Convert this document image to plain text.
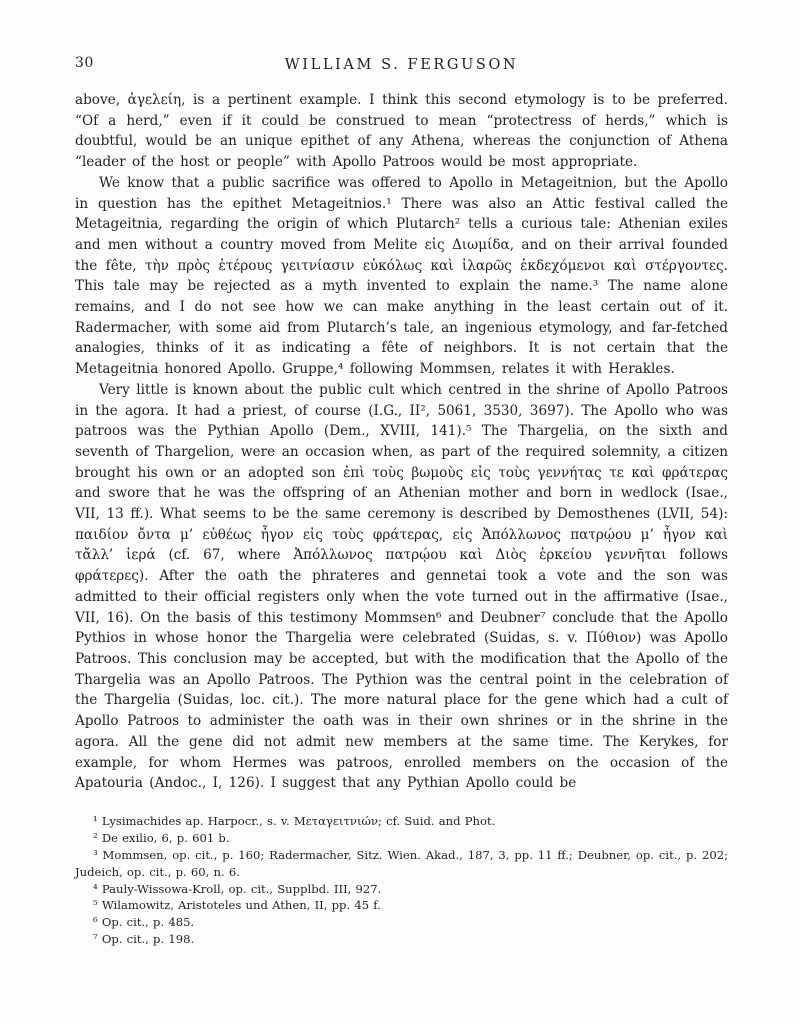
30	WILLIAM S. FERGUSON

above, ἀγελείη, is a pertinent example. I think this second etymology is to be preferred. “Of a herd,” even if it could be construed to mean “protectress of herds,” which is doubtful, would be an unique epithet of any Athena, whereas the conjunction of Athena “leader of the host or people” with Apollo Patroos would be most appropriate.

We know that a public sacrifice was offered to Apollo in Metageitnion, but the Apollo in question has the epithet Metageitnios.¹ There was also an Attic festival called the Metageitnia, regarding the origin of which Plutarch² tells a curious tale: Athenian exiles and men without a country moved from Melite εἰς Διωμίδα, and on their arrival founded the fête, τὴν πρὸς ἑτέρους γειτνίασιν εὐκόλως καὶ ἱλαρῶς ἐκδεχόμενοι καὶ στέργοντες. This tale may be rejected as a myth invented to explain the name.³ The name alone remains, and I do not see how we can make anything in the least certain out of it. Radermacher, with some aid from Plutarch’s tale, an ingenious etymology, and far-fetched analogies, thinks of it as indicating a fête of neighbors. It is not certain that the Metageitnia honored Apollo. Gruppe,⁴ following Mommsen, relates it with Herakles.

Very little is known about the public cult which centred in the shrine of Apollo Patroos in the agora. It had a priest, of course (I.G., II², 5061, 3530, 3697). The Apollo who was patroos was the Pythian Apollo (Dem., XVIII, 141).⁵ The Thargelia, on the sixth and seventh of Thargelion, were an occasion when, as part of the required solemnity, a citizen brought his own or an adopted son ἐπὶ τοὺς βωμοὺς εἰς τοὺς γεννήτας τε καὶ φράτερας and swore that he was the offspring of an Athenian mother and born in wedlock (Isae., VII, 13 ff.). What seems to be the same ceremony is described by Demosthenes (LVII, 54): παιδίον ὄντα μ’ εὐθέως ἦγον εἰς τοὺς φράτερας, εἰς Ἀπόλλωνος πατρῴου μ’ ἦγον καὶ τἄλλ’ ἱερά (cf. 67, where Ἀπόλλωνος πατρῴου καὶ Διὸς ἑρκείου γεννῆται follows φράτερες). After the oath the phrateres and gennetai took a vote and the son was admitted to their official registers only when the vote turned out in the affirmative (Isae., VII, 16). On the basis of this testimony Mommsen⁶ and Deubner⁷ conclude that the Apollo Pythios in whose honor the Thargelia were celebrated (Suidas, s. v. Πύθιον) was Apollo Patroos. This conclusion may be accepted, but with the modification that the Apollo of the Thargelia was an Apollo Patroos. The Pythion was the central point in the celebration of the Thargelia (Suidas, loc. cit.). The more natural place for the gene which had a cult of Apollo Patroos to administer the oath was in their own shrines or in the shrine in the agora. All the gene did not admit new members at the same time. The Kerykes, for example, for whom Hermes was patroos, enrolled members on the occasion of the Apatouria (Andoc., I, 126). I suggest that any Pythian Apollo could be

¹ Lysimachides ap. Harpocr., s. v. Μεταγειτνιών; cf. Suid. and Phot.
² De exilio, 6, p. 601 b.
³ Mommsen, op. cit., p. 160; Radermacher, Sitz. Wien. Akad., 187, 3, pp. 11 ff.; Deubner, op. cit., p. 202; Judeich, op. cit., p. 60, n. 6.
⁴ Pauly-Wissowa-Kroll, op. cit., Supplbd. III, 927.
⁵ Wilamowitz, Aristoteles und Athen, II, pp. 45 f.
⁶ Op. cit., p. 485.
⁷ Op. cit., p. 198.
